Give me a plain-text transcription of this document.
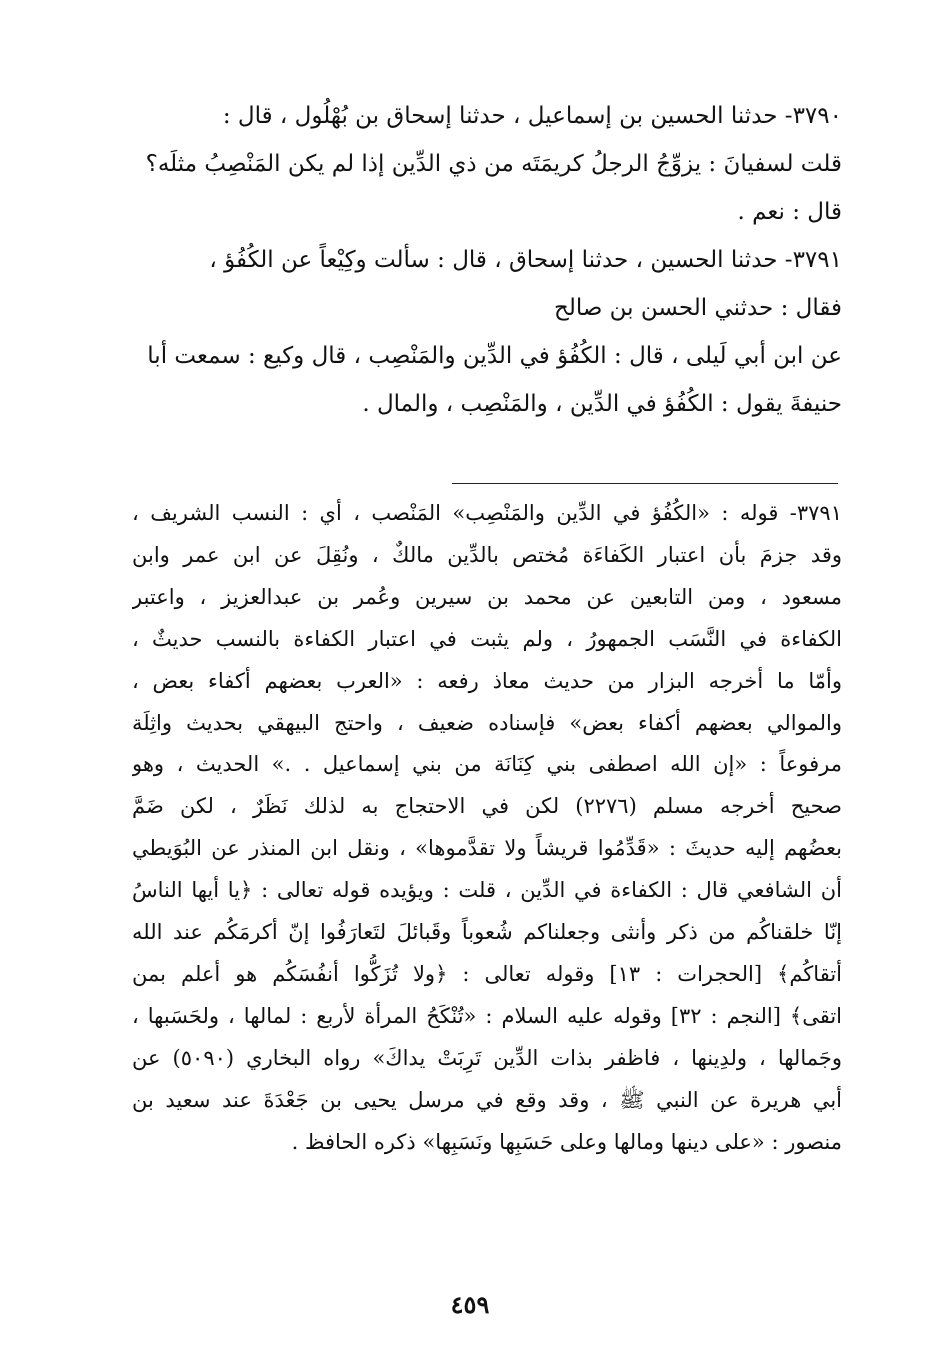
٣٧٩٠- حدثنا الحسين بن إسماعيل ، حدثنا إسحاق بن بُهْلُول ، قال :
قلت لسفيانَ : يزوِّجُ الرجلُ كريمَتَه من ذي الدِّين إذا لم يكن المَنْصِبُ مثلَه؟
قال : نعم .

٣٧٩١- حدثنا الحسين ، حدثنا إسحاق ، قال : سألت وكِيْعاً عن الكُفُؤ ،
فقال : حدثني الحسن بن صالح
عن ابن أبي لَيلى ، قال : الكُفُؤ في الدِّين والمَنْصِب ، قال وكيع : سمعت أبا
حنيفةَ يقول : الكُفُؤ في الدِّين ، والمَنْصِب ، والمال .

٣٧٩١- قوله : «الكُفُؤ في الدِّين والمَنْصِب» المَنْصب ، أي : النسب الشريف ،
وقد جزمَ بأن اعتبار الكَفاءَة مُختص بالدِّين مالكٌ ، ونُقِلَ عن ابن عمر وابن
مسعود ، ومن التابعين عن محمد بن سيرين وعُمر بن عبدالعزيز ، واعتبر
الكفاءة في النَّسَب الجمهورُ ، ولم يثبت في اعتبار الكفاءة بالنسب حديثٌ ،
وأمّا ما أخرجه البزار من حديث معاذ رفعه : «العرب بعضهم أكفاء بعض ،
والموالي بعضهم أكفاء بعض» فإسناده ضعيف ، واحتج البيهقي بحديث واثِلَة
مرفوعاً : «إن الله اصطفى بني كِنَانَة من بني إسماعيل . .» الحديث ، وهو
صحيح أخرجه مسلم (٢٢٧٦) لكن في الاحتجاج به لذلك نَظَرٌ ، لكن ضَمَّ
بعضُهم إليه حديثَ : «قَدِّمُوا قريشاً ولا تقدَّموها» ، ونقل ابن المنذر عن البُوَيطي
أن الشافعي قال : الكفاءة في الدِّين ، قلت : ويؤيده قوله تعالى : ﴿يا أيها الناسُ
إنّا خلقناكُم من ذكر وأنثى وجعلناكم شُعوباً وقَبائلَ لتَعارَفُوا إنّ أكرمَكُم عند الله
أتقاكُم﴾ [الحجرات : ١٣] وقوله تعالى : ﴿ولا تُزَكُّوا أنفُسَكُم هو أعلم بمن
اتقى﴾ [النجم : ٣٢] وقوله عليه السلام : «تُنْكَحُ المرأة لأربع : لمالها ، ولحَسَبها ،
وجَمالها ، ولدِينها ، فاظفر بذات الدِّين تَرِبَتْ يداكَ» رواه البخاري (٥٠٩٠) عن
أبي هريرة عن النبي ﷺ ، وقد وقع في مرسل يحيى بن جَعْدَةَ عند سعيد بن
منصور : «على دينها ومالها وعلى حَسَبِها ونَسَبِها» ذكره الحافظ .
٤٥٩
